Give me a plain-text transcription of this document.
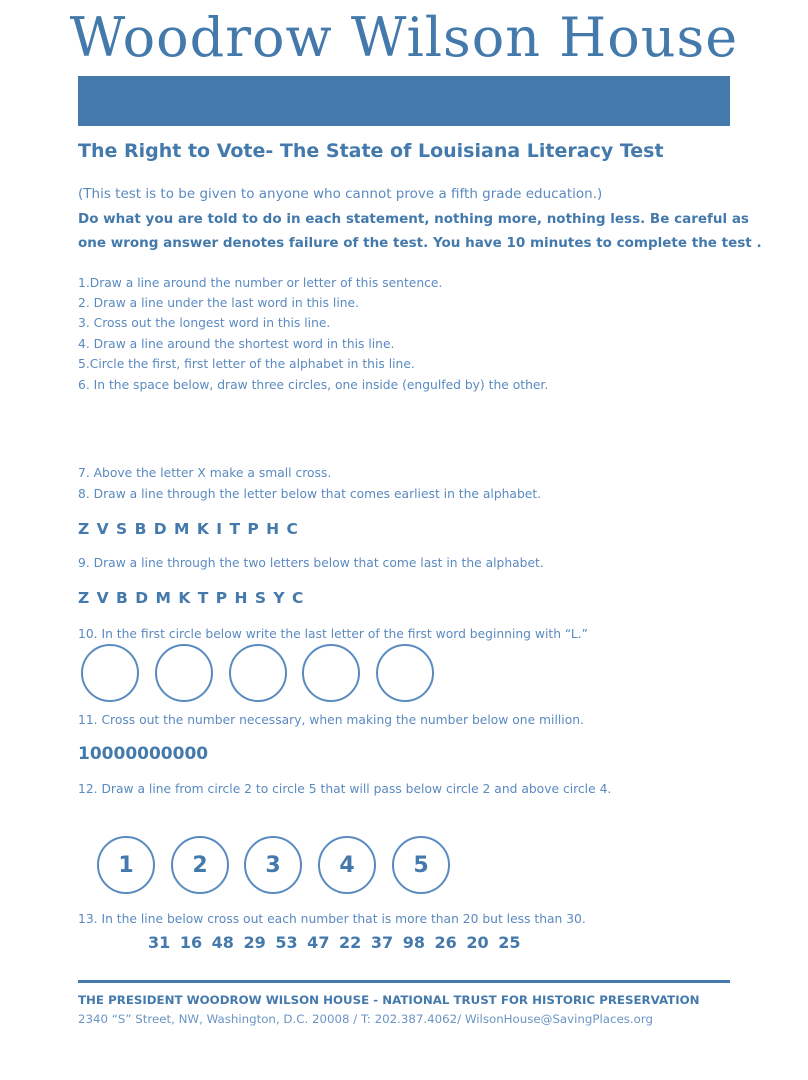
Woodrow Wilson House
The Right to Vote- The State of Louisiana Literacy Test
(This test is to be given to anyone who cannot prove a fifth grade education.)
Do what you are told to do in each statement, nothing more, nothing less. Be careful as one wrong answer denotes failure of the test. You have 10 minutes to complete the test .
1.Draw a line around the number or letter of this sentence.
2. Draw a line under the last word in this line.
3. Cross out the longest word in this line.
4. Draw a line around the shortest word in this line.
5.Circle the first, first letter of the alphabet in this line.
6. In the space below, draw three circles, one inside (engulfed by) the other.
7. Above the letter X make a small cross.
8. Draw a line through the letter below that comes earliest in the alphabet.
Z V S B D M K I T P H C
9. Draw a line through the two letters below that come last in the alphabet.
Z V B D M K T P H S Y C
10. In the first circle below write the last letter of the first word beginning with “L.”
11. Cross out the number necessary, when making the number below one million.
10000000000
12. Draw a line from circle 2 to circle 5 that will pass below circle 2 and above circle 4.
1	2	3	4	5
13. In the line below cross out each number that is more than 20 but less than 30.
31 16 48 29 53 47 22 37 98 26 20 25
THE PRESIDENT WOODROW WILSON HOUSE - NATIONAL TRUST FOR HISTORIC PRESERVATION
2340 “S” Street, NW, Washington, D.C. 20008 / T: 202.387.4062/ WilsonHouse@SavingPlaces.org
